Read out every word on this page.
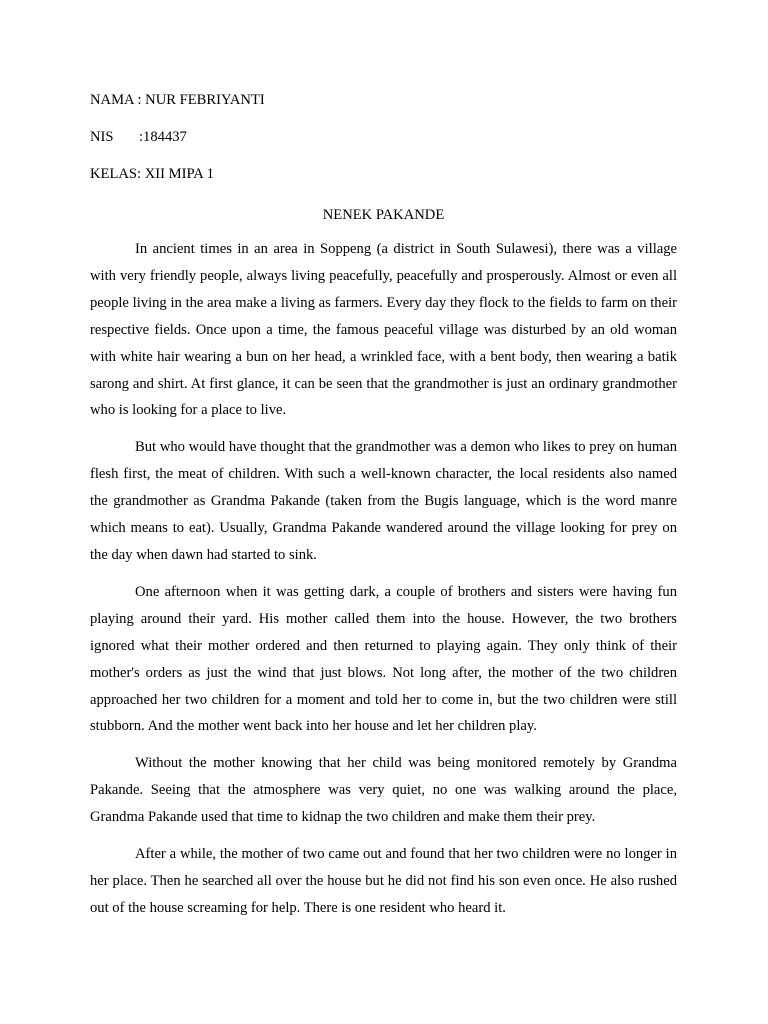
NAMA : NUR FEBRIYANTI

NIS :184437

KELAS: XII MIPA 1

NENEK PAKANDE

In ancient times in an area in Soppeng (a district in South Sulawesi), there was a village with very friendly people, always living peacefully, peacefully and prosperously. Almost or even all people living in the area make a living as farmers. Every day they flock to the fields to farm on their respective fields. Once upon a time, the famous peaceful village was disturbed by an old woman with white hair wearing a bun on her head, a wrinkled face, with a bent body, then wearing a batik sarong and shirt. At first glance, it can be seen that the grandmother is just an ordinary grandmother who is looking for a place to live.

But who would have thought that the grandmother was a demon who likes to prey on human flesh first, the meat of children. With such a well-known character, the local residents also named the grandmother as Grandma Pakande (taken from the Bugis language, which is the word manre which means to eat). Usually, Grandma Pakande wandered around the village looking for prey on the day when dawn had started to sink.

One afternoon when it was getting dark, a couple of brothers and sisters were having fun playing around their yard. His mother called them into the house. However, the two brothers ignored what their mother ordered and then returned to playing again. They only think of their mother's orders as just the wind that just blows. Not long after, the mother of the two children approached her two children for a moment and told her to come in, but the two children were still stubborn. And the mother went back into her house and let her children play.

Without the mother knowing that her child was being monitored remotely by Grandma Pakande. Seeing that the atmosphere was very quiet, no one was walking around the place, Grandma Pakande used that time to kidnap the two children and make them their prey.

After a while, the mother of two came out and found that her two children were no longer in her place. Then he searched all over the house but he did not find his son even once. He also rushed out of the house screaming for help. There is one resident who heard it.
